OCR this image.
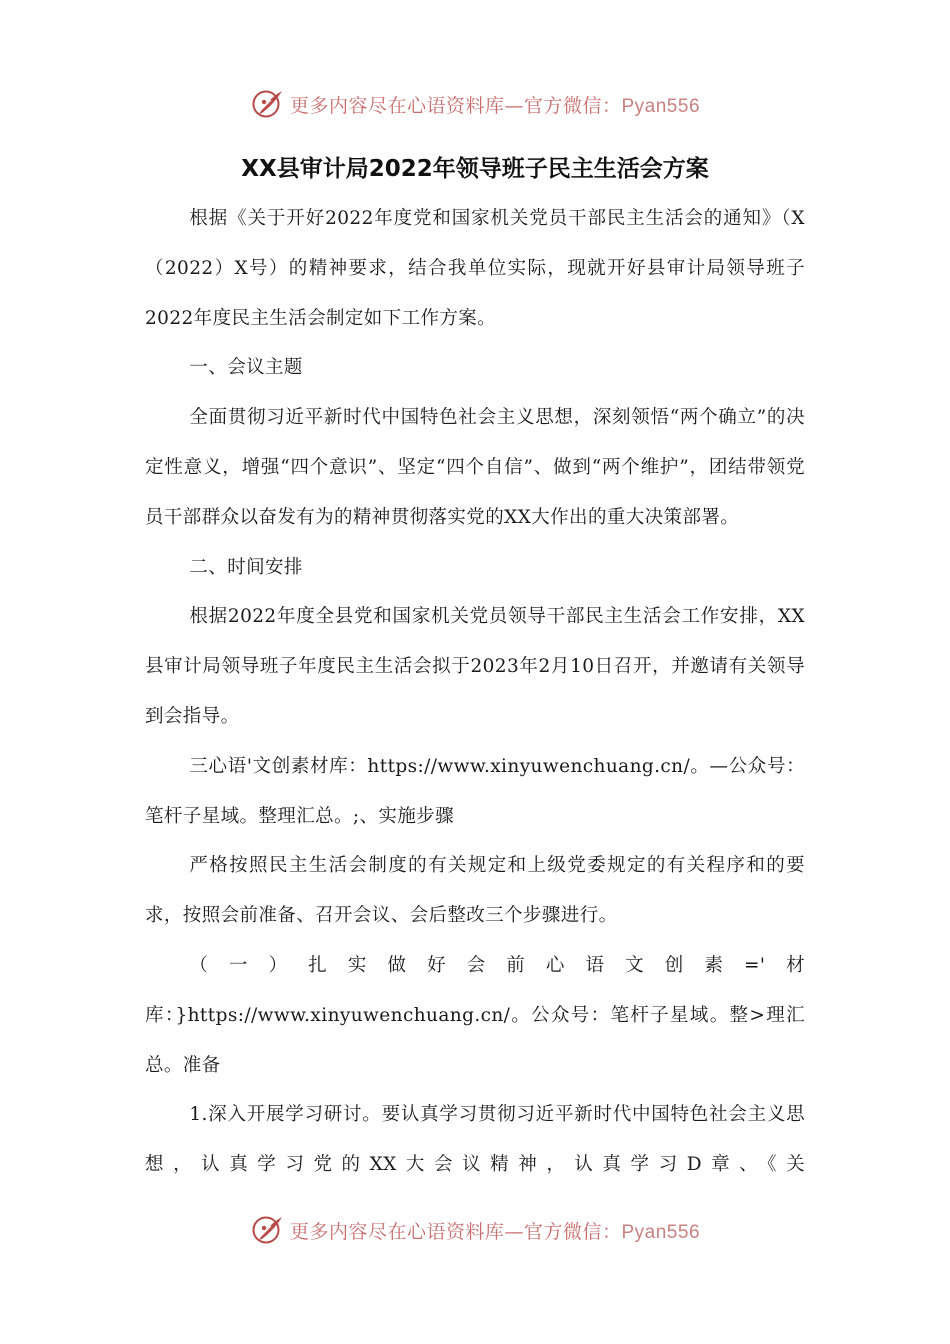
更多内容尽在心语资料库—官方微信：Pyan556
XX县审计局2022年领导班子民主生活会方案

根据《关于开好2022年度党和国家机关党员干部民主生活会的通知》（X（2022）X号）的精神要求，结合我单位实际，现就开好县审计局领导班子2022年度民主生活会制定如下工作方案。

一、会议主题

全面贯彻习近平新时代中国特色社会主义思想，深刻领悟“两个确立”的决定性意义，增强“四个意识”、坚定“四个自信”、做到“两个维护”，团结带领党员干部群众以奋发有为的精神贯彻落实党的XX大作出的重大决策部署。

二、时间安排

根据2022年度全县党和国家机关党员领导干部民主生活会工作安排，XX县审计局领导班子年度民主生活会拟于2023年2月10日召开，并邀请有关领导到会指导。

三心语'文创素材库：https://www.xinyuwenchuang.cn/。—公众号：笔杆子星域。整理汇总。;、实施步骤

严格按照民主生活会制度的有关规定和上级党委规定的有关程序和的要求，按照会前准备、召开会议、会后整改三个步骤进行。

（一）扎实做好会前心语文创素='材库：}https://www.xinyuwenchuang.cn/。公众号：笔杆子星域。整>理汇总。准备

1.深入开展学习研讨。要认真学习贯彻习近平新时代中国特色社会主义思想，认真学习党的XX大会议精神，认真学习D章、《关

更多内容尽在心语资料库—官方微信：Pyan556
